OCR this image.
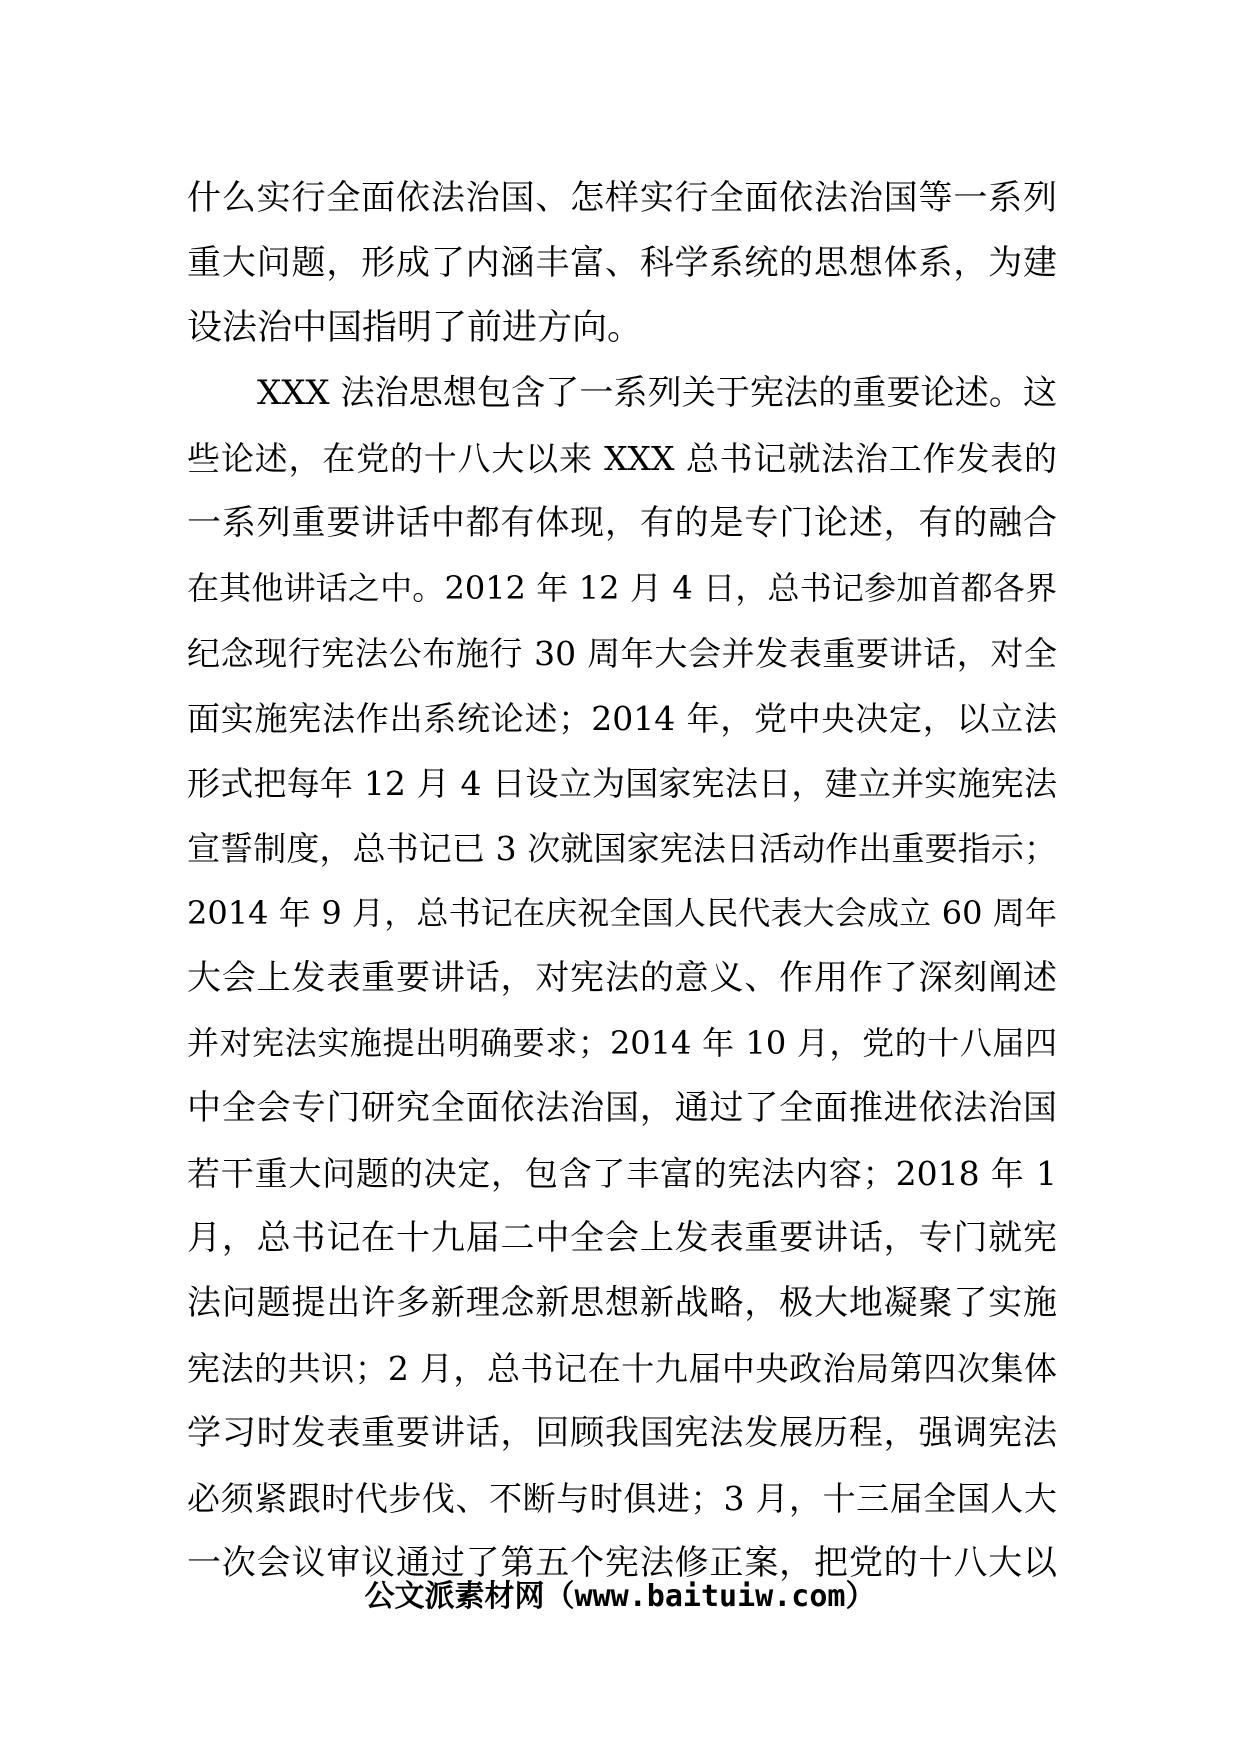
什么实行全面依法治国、怎样实行全面依法治国等一系列
重大问题，形成了内涵丰富、科学系统的思想体系，为建
设法治中国指明了前进方向。
XXX 法治思想包含了一系列关于宪法的重要论述。这
些论述，在党的十八大以来 XXX 总书记就法治工作发表的
一系列重要讲话中都有体现，有的是专门论述，有的融合
在其他讲话之中。2012 年 12 月 4 日，总书记参加首都各界
纪念现行宪法公布施行 30 周年大会并发表重要讲话，对全
面实施宪法作出系统论述；2014 年，党中央决定，以立法
形式把每年 12 月 4 日设立为国家宪法日，建立并实施宪法
宣誓制度，总书记已 3 次就国家宪法日活动作出重要指示；
2014 年 9 月，总书记在庆祝全国人民代表大会成立 60 周年
大会上发表重要讲话，对宪法的意义、作用作了深刻阐述
并对宪法实施提出明确要求；2014 年 10 月，党的十八届四
中全会专门研究全面依法治国，通过了全面推进依法治国
若干重大问题的决定，包含了丰富的宪法内容；2018 年 1
月，总书记在十九届二中全会上发表重要讲话，专门就宪
法问题提出许多新理念新思想新战略，极大地凝聚了实施
宪法的共识；2 月，总书记在十九届中央政治局第四次集体
学习时发表重要讲话，回顾我国宪法发展历程，强调宪法
必须紧跟时代步伐、不断与时俱进；3 月，十三届全国人大
一次会议审议通过了第五个宪法修正案，把党的十八大以
公文派素材网（www.baituiw.com）
